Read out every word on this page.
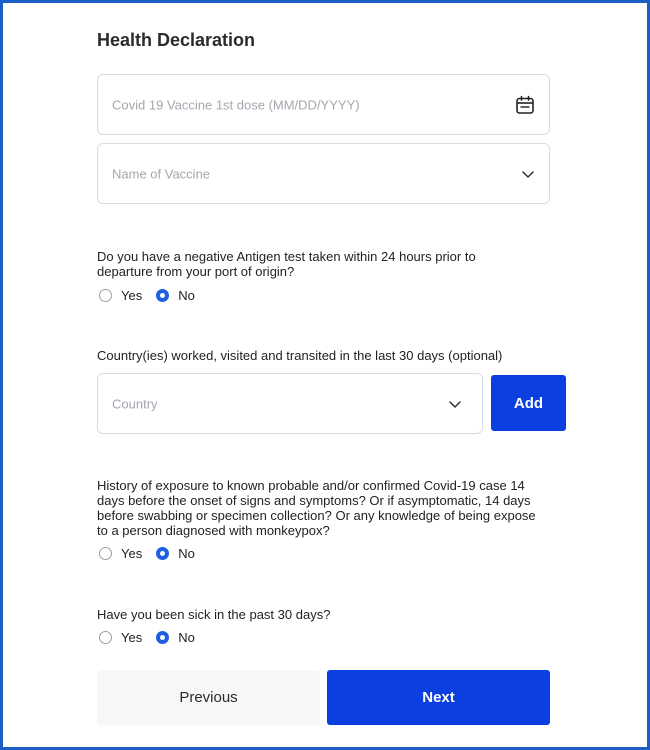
Health Declaration
Covid 19 Vaccine 1st dose (MM/DD/YYYY)
Name of Vaccine
Do you have a negative Antigen test taken within 24 hours prior to departure from your port of origin?
Yes	No
Country(ies) worked, visited and transited in the last 30 days (optional)
Country	Add
History of exposure to known probable and/or confirmed Covid-19 case 14 days before the onset of signs and symptoms? Or if asymptomatic, 14 days before swabbing or specimen collection? Or any knowledge of being expose to a person diagnosed with monkeypox?
Yes	No
Have you been sick in the past 30 days?
Yes	No
Previous	Next
